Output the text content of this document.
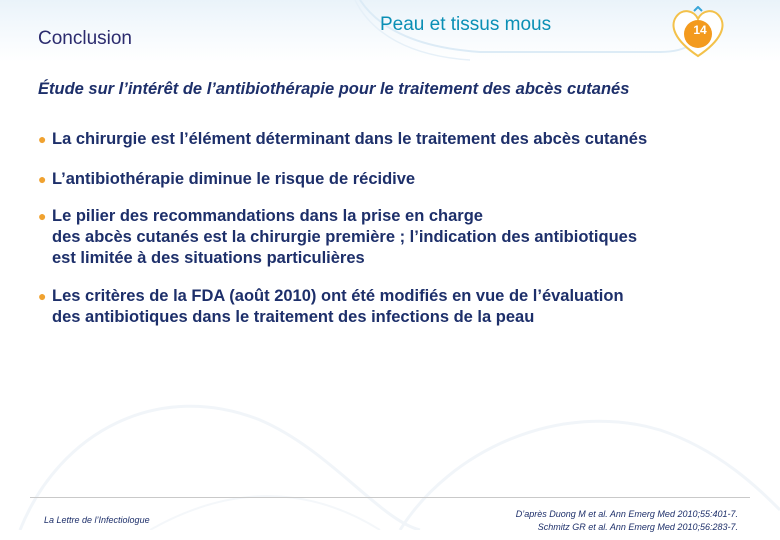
Conclusion
Peau et tissus mous	14
Étude sur l’intérêt de l’antibiothérapie pour le traitement des abcès cutanés
● La chirurgie est l’élément déterminant dans le traitement des abcès cutanés
● L’antibiothérapie diminue le risque de récidive
● Le pilier des recommandations dans la prise en charge
des abcès cutanés est la chirurgie première ; l’indication des antibiotiques
est limitée à des situations particulières
● Les critères de la FDA (août 2010) ont été modifiés en vue de l’évaluation
des antibiotiques dans le traitement des infections de la peau
La Lettre de l’Infectiologue
D’après Duong M et al. Ann Emerg Med 2010;55:401-7.
Schmitz GR et al. Ann Emerg Med 2010;56:283-7.
